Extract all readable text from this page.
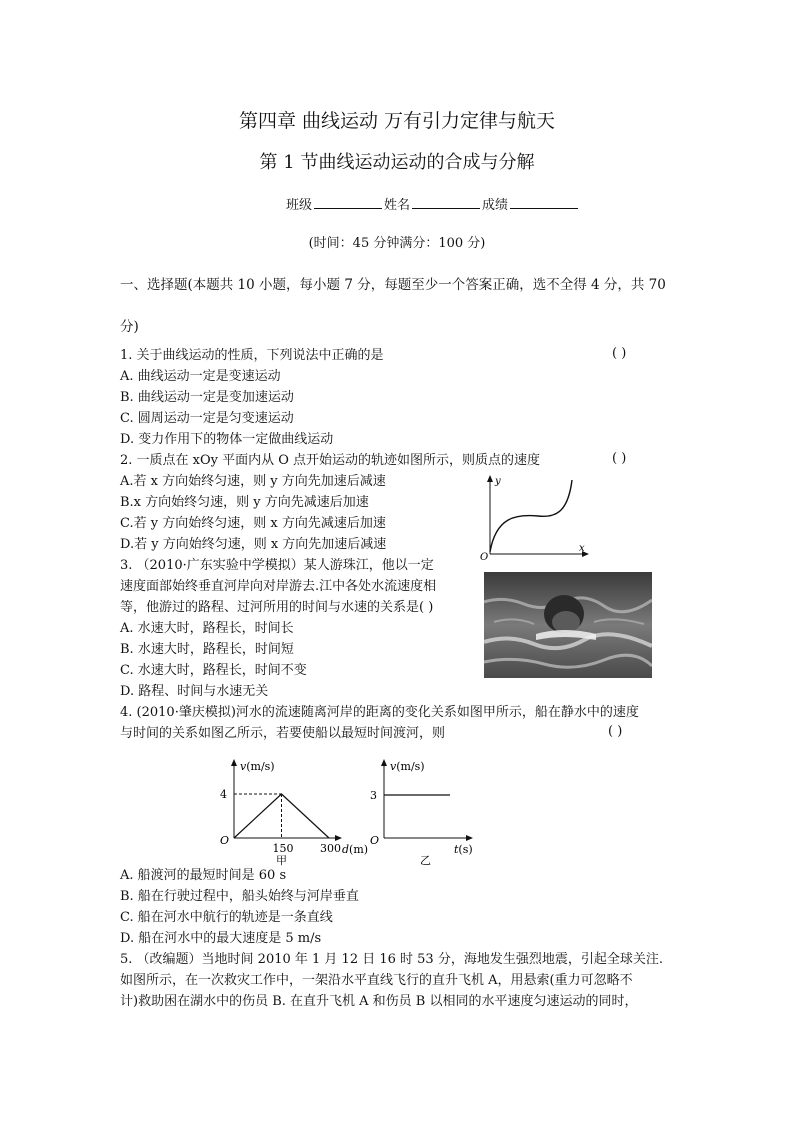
第四章 曲线运动 万有引力定律与航天
第 1 节曲线运动运动的合成与分解
班级	姓名	成绩
(时间：45 分钟满分：100 分)
一、选择题(本题共 10 小题，每小题 7 分，每题至少一个答案正确，选不全得 4 分，共 70
分)
1. 关于曲线运动的性质，下列说法中正确的是	( )
A. 曲线运动一定是变速运动
B. 曲线运动一定是变加速运动
C. 圆周运动一定是匀变速运动
D. 变力作用下的物体一定做曲线运动
2. 一质点在 xOy 平面内从 O 点开始运动的轨迹如图所示，则质点的速度	( )
A.若 x 方向始终匀速，则 y 方向先加速后减速
B.x 方向始终匀速，则 y 方向先减速后加速
C.若 y 方向始终匀速，则 x 方向先减速后加速
D.若 y 方向始终匀速，则 x 方向先加速后减速
y
x
O
3. （2010·广东实验中学模拟）某人游珠江，他以一定
速度面部始终垂直河岸向对岸游去.江中各处水流速度相
等，他游过的路程、过河所用的时间与水速的关系是( )
A. 水速大时，路程长，时间长
B. 水速大时，路程长，时间短
C. 水速大时，路程长，时间不变
D. 路程、时间与水速无关
4. (2010·肇庆模拟)河水的流速随离河岸的距离的变化关系如图甲所示，船在静水中的速度
与时间的关系如图乙所示，若要使船以最短时间渡河，则	( )
v(m/s)
4
O
150 300 d(m)
甲
v(m/s)
3
O
t(s)
乙
A. 船渡河的最短时间是 60 s
B. 船在行驶过程中，船头始终与河岸垂直
C. 船在河水中航行的轨迹是一条直线
D. 船在河水中的最大速度是 5 m/s
5. （改编题）当地时间 2010 年 1 月 12 日 16 时 53 分，海地发生强烈地震，引起全球关注.
如图所示，在一次救灾工作中，一架沿水平直线飞行的直升飞机 A，用悬索(重力可忽略不
计)救助困在湖水中的伤员 B. 在直升飞机 A 和伤员 B 以相同的水平速度匀速运动的同时，
